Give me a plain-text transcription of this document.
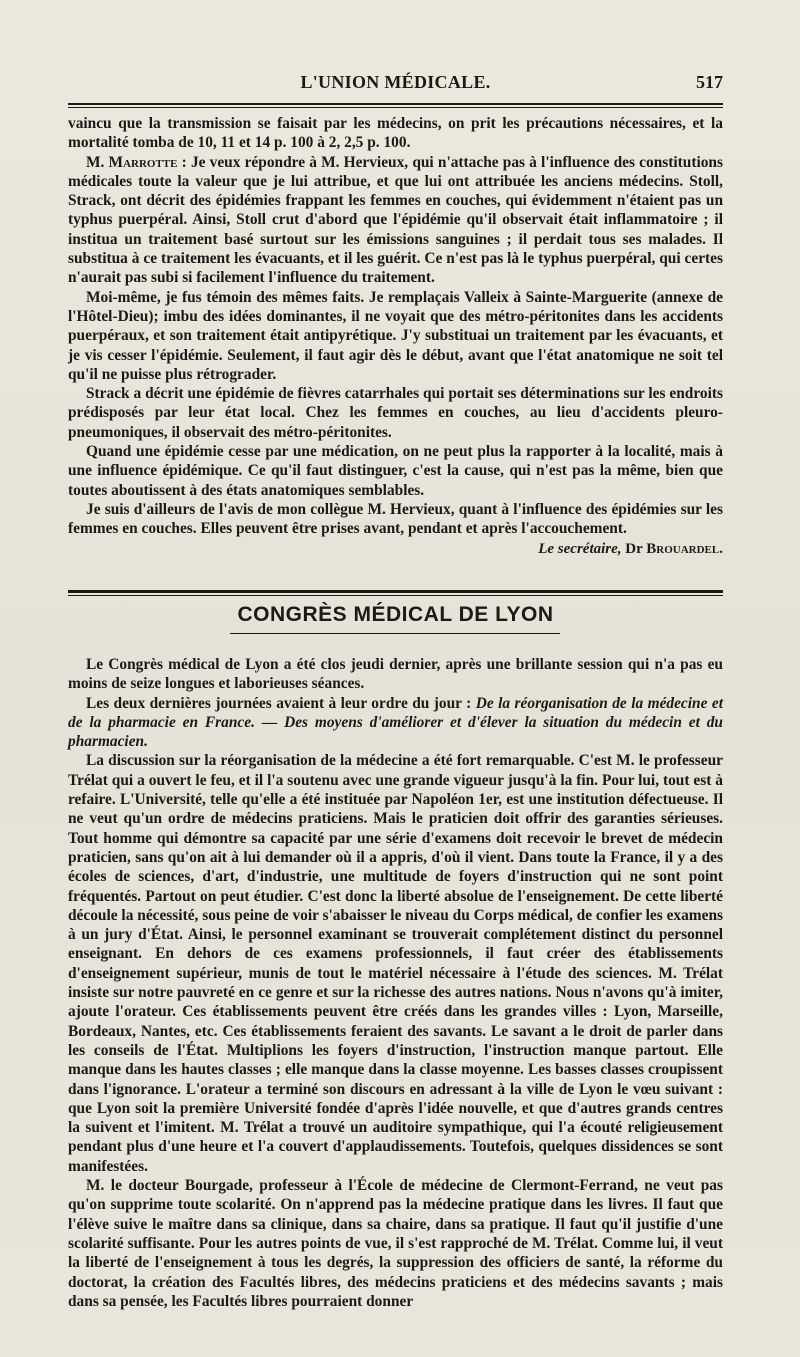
L'UNION MÉDICALE.	517

vaincu que la transmission se faisait par les médecins, on prit les précautions nécessaires, et la mortalité tomba de 10, 11 et 14 p. 100 à 2, 2,5 p. 100.

M. Marrotte : Je veux répondre à M. Hervieux, qui n'attache pas à l'influence des constitutions médicales toute la valeur que je lui attribue, et que lui ont attribuée les anciens médecins. Stoll, Strack, ont décrit des épidémies frappant les femmes en couches, qui évidemment n'étaient pas un typhus puerpéral. Ainsi, Stoll crut d'abord que l'épidémie qu'il observait était inflammatoire ; il institua un traitement basé surtout sur les émissions sanguines ; il perdait tous ses malades. Il substitua à ce traitement les évacuants, et il les guérit. Ce n'est pas là le typhus puerpéral, qui certes n'aurait pas subi si facilement l'influence du traitement.

Moi-même, je fus témoin des mêmes faits. Je remplaçais Valleix à Sainte-Marguerite (annexe de l'Hôtel-Dieu); imbu des idées dominantes, il ne voyait que des métro-péritonites dans les accidents puerpéraux, et son traitement était antipyrétique. J'y substituai un traitement par les évacuants, et je vis cesser l'épidémie. Seulement, il faut agir dès le début, avant que l'état anatomique ne soit tel qu'il ne puisse plus rétrograder.

Strack a décrit une épidémie de fièvres catarrhales qui portait ses déterminations sur les endroits prédisposés par leur état local. Chez les femmes en couches, au lieu d'accidents pleuro-pneumoniques, il observait des métro-péritonites.

Quand une épidémie cesse par une médication, on ne peut plus la rapporter à la localité, mais à une influence épidémique. Ce qu'il faut distinguer, c'est la cause, qui n'est pas la même, bien que toutes aboutissent à des états anatomiques semblables.

Je suis d'ailleurs de l'avis de mon collègue M. Hervieux, quant à l'influence des épidémies sur les femmes en couches. Elles peuvent être prises avant, pendant et après l'accouchement.

Le secrétaire, Dr Brouardel.
CONGRÈS MÉDICAL DE LYON

Le Congrès médical de Lyon a été clos jeudi dernier, après une brillante session qui n'a pas eu moins de seize longues et laborieuses séances.

Les deux dernières journées avaient à leur ordre du jour : De la réorganisation de la médecine et de la pharmacie en France. — Des moyens d'améliorer et d'élever la situation du médecin et du pharmacien.

La discussion sur la réorganisation de la médecine a été fort remarquable. C'est M. le professeur Trélat qui a ouvert le feu, et il l'a soutenu avec une grande vigueur jusqu'à la fin. Pour lui, tout est à refaire. L'Université, telle qu'elle a été instituée par Napoléon 1er, est une institution défectueuse. Il ne veut qu'un ordre de médecins praticiens. Mais le praticien doit offrir des garanties sérieuses. Tout homme qui démontre sa capacité par une série d'examens doit recevoir le brevet de médecin praticien, sans qu'on ait à lui demander où il a appris, d'où il vient. Dans toute la France, il y a des écoles de sciences, d'art, d'industrie, une multitude de foyers d'instruction qui ne sont point fréquentés. Partout on peut étudier. C'est donc la liberté absolue de l'enseignement. De cette liberté découle la nécessité, sous peine de voir s'abaisser le niveau du Corps médical, de confier les examens à un jury d'État. Ainsi, le personnel examinant se trouverait complétement distinct du personnel enseignant. En dehors de ces examens professionnels, il faut créer des établissements d'enseignement supérieur, munis de tout le matériel nécessaire à l'étude des sciences. M. Trélat insiste sur notre pauvreté en ce genre et sur la richesse des autres nations. Nous n'avons qu'à imiter, ajoute l'orateur. Ces établissements peuvent être créés dans les grandes villes : Lyon, Marseille, Bordeaux, Nantes, etc. Ces établissements feraient des savants. Le savant a le droit de parler dans les conseils de l'État. Multiplions les foyers d'instruction, l'instruction manque partout. Elle manque dans les hautes classes ; elle manque dans la classe moyenne. Les basses classes croupissent dans l'ignorance. L'orateur a terminé son discours en adressant à la ville de Lyon le vœu suivant : que Lyon soit la première Université fondée d'après l'idée nouvelle, et que d'autres grands centres la suivent et l'imitent. M. Trélat a trouvé un auditoire sympathique, qui l'a écouté religieusement pendant plus d'une heure et l'a couvert d'applaudissements. Toutefois, quelques dissidences se sont manifestées.

M. le docteur Bourgade, professeur à l'École de médecine de Clermont-Ferrand, ne veut pas qu'on supprime toute scolarité. On n'apprend pas la médecine pratique dans les livres. Il faut que l'élève suive le maître dans sa clinique, dans sa chaire, dans sa pratique. Il faut qu'il justifie d'une scolarité suffisante. Pour les autres points de vue, il s'est rapproché de M. Trélat. Comme lui, il veut la liberté de l'enseignement à tous les degrés, la suppression des officiers de santé, la réforme du doctorat, la création des Facultés libres, des médecins praticiens et des médecins savants ; mais dans sa pensée, les Facultés libres pourraient donner
